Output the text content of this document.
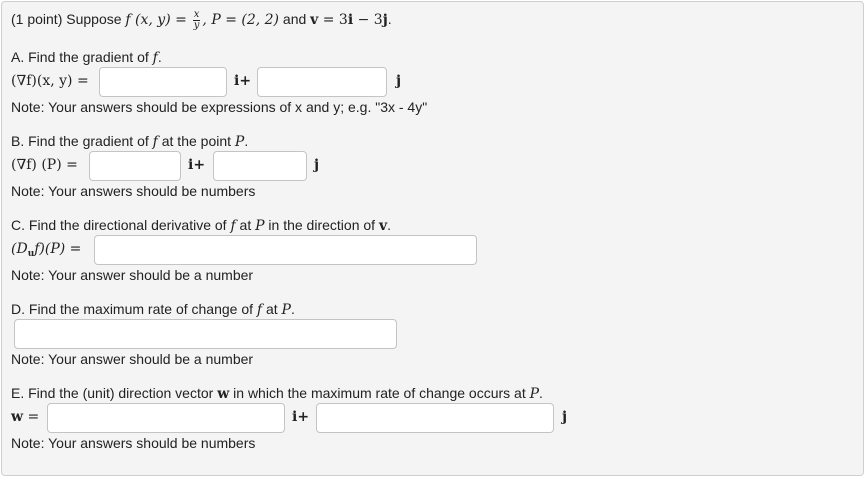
(1 point) Suppose f (x, $y) = \frac{x}{y}$ , P = (2, 2) and v = 3i − 3j.
A. Find the gradient of f.
(∇f)(x, y) =	i+	j
Note: Your answers should be expressions of x and y; e.g. "3x - 4y"
B. Find the gradient of f at the point P.
(∇f) (P) =	i+	j
Note: Your answers should be numbers
C. Find the directional derivative of f at P in the direction of v.
$(D_uf)(P)$ =
Note: Your answer should be a number
D. Find the maximum rate of change of f at P.
Note: Your answer should be a number
E. Find the (unit) direction vector w in which the maximum rate of change occurs at P.
w =	i+	j
Note: Your answers should be numbers
